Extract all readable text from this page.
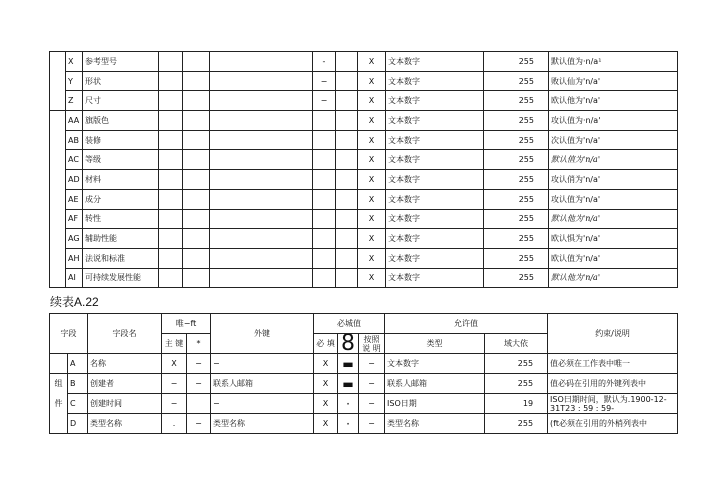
	X	参考型号				-		X	文本数字	255	默认值为·n/a¹
	Y	形状				−		X	文本数字	255	败认仙为'n/a'
	Z	尺寸				−		X	文本数字	255	欧认他为'n/a'
	AA	旗版色						X	文本数字	255	攻认值为·n/a'
	AB	装修						X	文本数字	255	次认值为'n/a'
	AC	等级						X	文本数字	255	默认值为'n/a'
	AD	材料						X	文本数字	255	攻认俏为'n/a'
	AE	成分						X	文本数字	255	攻认值为'n/a'
	AF	转性						X	文本数字	255	默认他为'n/a'
	AG	辅助性能						X	文本数字	255	欧认惧为'n/a'
	AH	法说和标准						X	文本数字	255	欧认值为'n/a'
	AI	可持续发展性能						X	文本数字	255	默认他为'n/a'
续表A.22
字段		字段名	唯−ft		外键	必城值			允许值		约束/说明
			主 键	*		必 填	8	按照 说 明	类型	域大依	
	A	名称	X	−	−	X	▬	−	文本数字	255	值必须在工作表中唯一
组	B	创建者	−	−	联系人邮箱	X	▬	−	联系人邮箱	255	值必码在引用的外键列表中
件	C	创建时间	−		−	X	·	−	ISO日期	19	ISO曰期时间，默认为.1900-12- 31T23 : 59 : 59-
	D	类型名称	.	−	类型名称	X	·	−	类型名称	255	(ft必须在引用的外梢列表中
